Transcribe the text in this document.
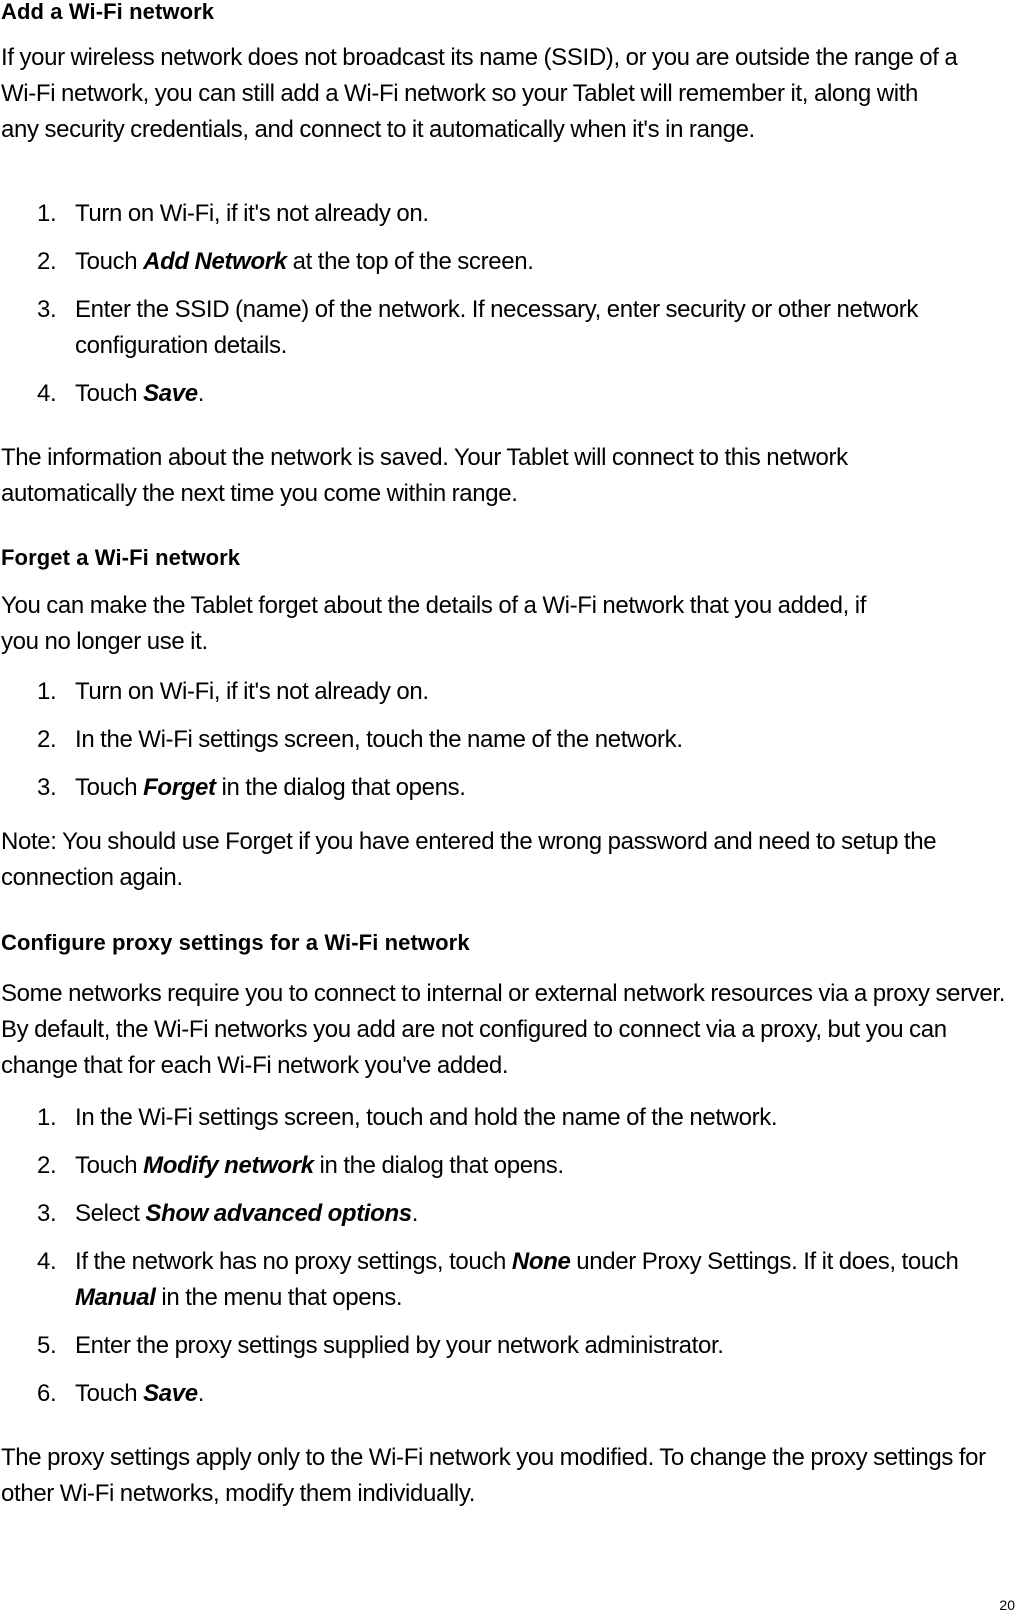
Add a Wi-Fi network

If your wireless network does not broadcast its name (SSID), or you are outside the range of a Wi-Fi network, you can still add a Wi-Fi network so your Tablet will remember it, along with any security credentials, and connect to it automatically when it's in range.

1. Turn on Wi-Fi, if it's not already on.
2. Touch Add Network at the top of the screen.
3. Enter the SSID (name) of the network. If necessary, enter security or other network configuration details.
4. Touch Save.

The information about the network is saved. Your Tablet will connect to this network automatically the next time you come within range.

Forget a Wi-Fi network

You can make the Tablet forget about the details of a Wi-Fi network that you added, if you no longer use it.

1. Turn on Wi-Fi, if it's not already on.
2. In the Wi-Fi settings screen, touch the name of the network.
3. Touch Forget in the dialog that opens.

Note: You should use Forget if you have entered the wrong password and need to setup the connection again.

Configure proxy settings for a Wi-Fi network

Some networks require you to connect to internal or external network resources via a proxy server. By default, the Wi-Fi networks you add are not configured to connect via a proxy, but you can change that for each Wi-Fi network you've added.

1. In the Wi-Fi settings screen, touch and hold the name of the network.
2. Touch Modify network in the dialog that opens.
3. Select Show advanced options.
4. If the network has no proxy settings, touch None under Proxy Settings. If it does, touch Manual in the menu that opens.
5. Enter the proxy settings supplied by your network administrator.
6. Touch Save.

The proxy settings apply only to the Wi-Fi network you modified. To change the proxy settings for other Wi-Fi networks, modify them individually.

20
